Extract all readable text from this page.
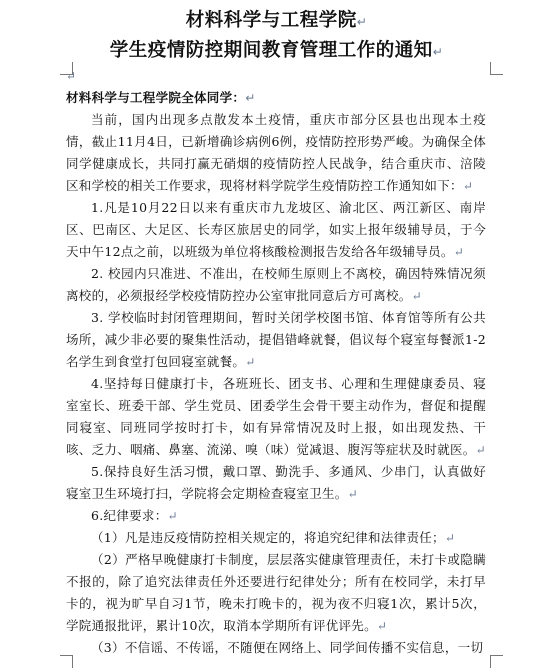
材料科学与工程学院↵
学生疫情防控期间教育管理工作的通知↵

↵

材料科学与工程学院全体同学：↵

当前，国内出现多点散发本土疫情，重庆市部分区县也出现本土疫情，截止11月4日，已新增确诊病例6例，疫情防控形势严峻。为确保全体同学健康成长，共同打赢无硝烟的疫情防控人民战争，结合重庆市、涪陵区和学校的相关工作要求，现将材料学院学生疫情防控工作通知如下：↵

1.凡是10月22日以来有重庆市九龙坡区、渝北区、两江新区、南岸区、巴南区、大足区、长寿区旅居史的同学，如实上报年级辅导员，于今天中午12点之前，以班级为单位将核酸检测报告发给各年级辅导员。↵

2. 校园内只准进、不准出，在校师生原则上不离校，确因特殊情况须离校的，必须报经学校疫情防控办公室审批同意后方可离校。↵

3. 学校临时封闭管理期间，暂时关闭学校图书馆、体育馆等所有公共场所，减少非必要的聚集性活动，提倡错峰就餐，倡议每个寝室每餐派1-2名学生到食堂打包回寝室就餐。↵

4.坚持每日健康打卡，各班班长、团支书、心理和生理健康委员、寝室室长、班委干部、学生党员、团委学生会骨干要主动作为，督促和提醒同寝室、同班同学按时打卡，如有异常情况及时上报，如出现发热、干咳、乏力、咽痛、鼻塞、流涕、嗅（味）觉减退、腹泻等症状及时就医。↵

5.保持良好生活习惯，戴口罩、勤洗手、多通风、少串门，认真做好寝室卫生环境打扫，学院将会定期检查寝室卫生。↵

6.纪律要求：↵

（1）凡是违反疫情防控相关规定的，将追究纪律和法律责任；↵

（2）严格早晚健康打卡制度，层层落实健康管理责任，未打卡或隐瞒不报的，除了追究法律责任外还要进行纪律处分；所有在校同学，未打早卡的，视为旷早自习1节，晚未打晚卡的，视为夜不归寝1次，累计5次，学院通报批评，累计10次，取消本学期所有评优评先。↵

（3）不信谣、不传谣，不随便在网络上、同学间传播不实信息，一切
